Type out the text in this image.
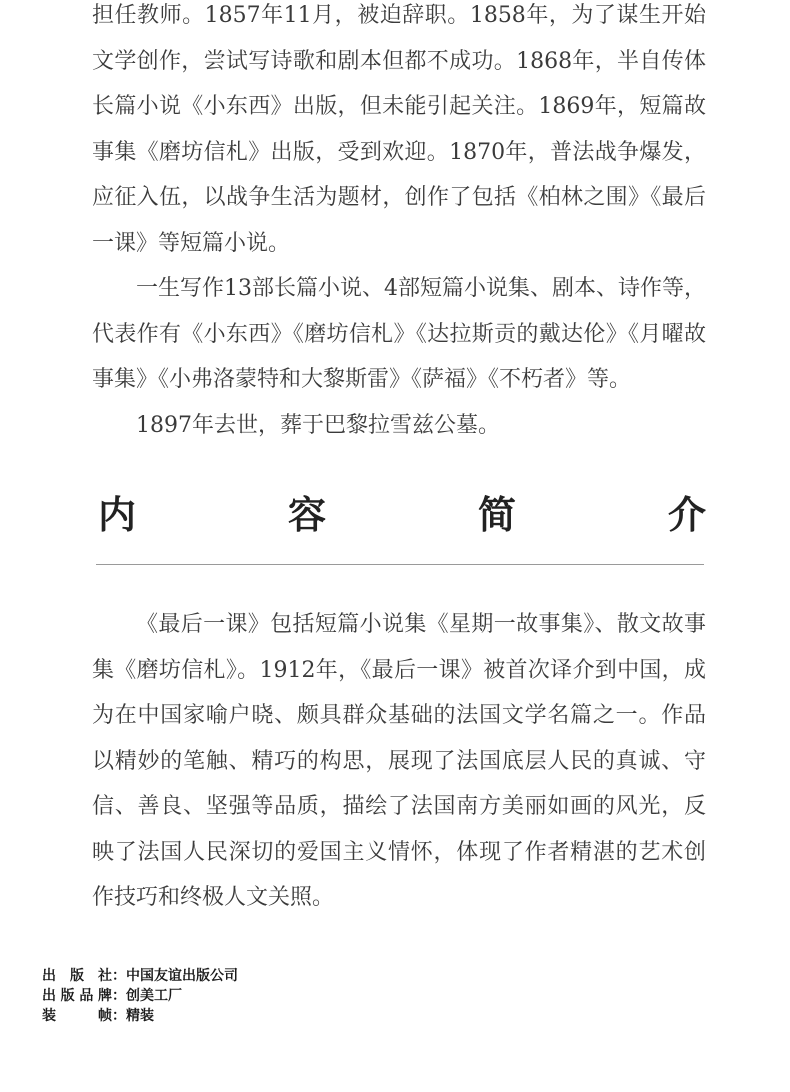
担任教师。1857年11月，被迫辞职。1858年，为了谋生开始文学创作，尝试写诗歌和剧本但都不成功。1868年，半自传体长篇小说《小东西》出版，但未能引起关注。1869年，短篇故事集《磨坊信札》出版，受到欢迎。1870年，普法战争爆发，应征入伍，以战争生活为题材，创作了包括《柏林之围》《最后一课》等短篇小说。

一生写作13部长篇小说、4部短篇小说集、剧本、诗作等，代表作有《小东西》《磨坊信札》《达拉斯贡的戴达伦》《月曜故事集》《小弗洛蒙特和大黎斯雷》《萨福》《不朽者》等。

1897年去世，葬于巴黎拉雪兹公墓。

内	容	简	介

《最后一课》包括短篇小说集《星期一故事集》、散文故事集《磨坊信札》。1912年，《最后一课》被首次译介到中国，成为在中国家喻户晓、颇具群众基础的法国文学名篇之一。作品以精妙的笔触、精巧的构思，展现了法国底层人民的真诚、守信、善良、坚强等品质，描绘了法国南方美丽如画的风光，反映了法国人民深切的爱国主义情怀，体现了作者精湛的艺术创作技巧和终极人文关照。

出版社 ： 中国友谊出版公司
出版品牌 ： 创美工厂
装帧 ： 精装
